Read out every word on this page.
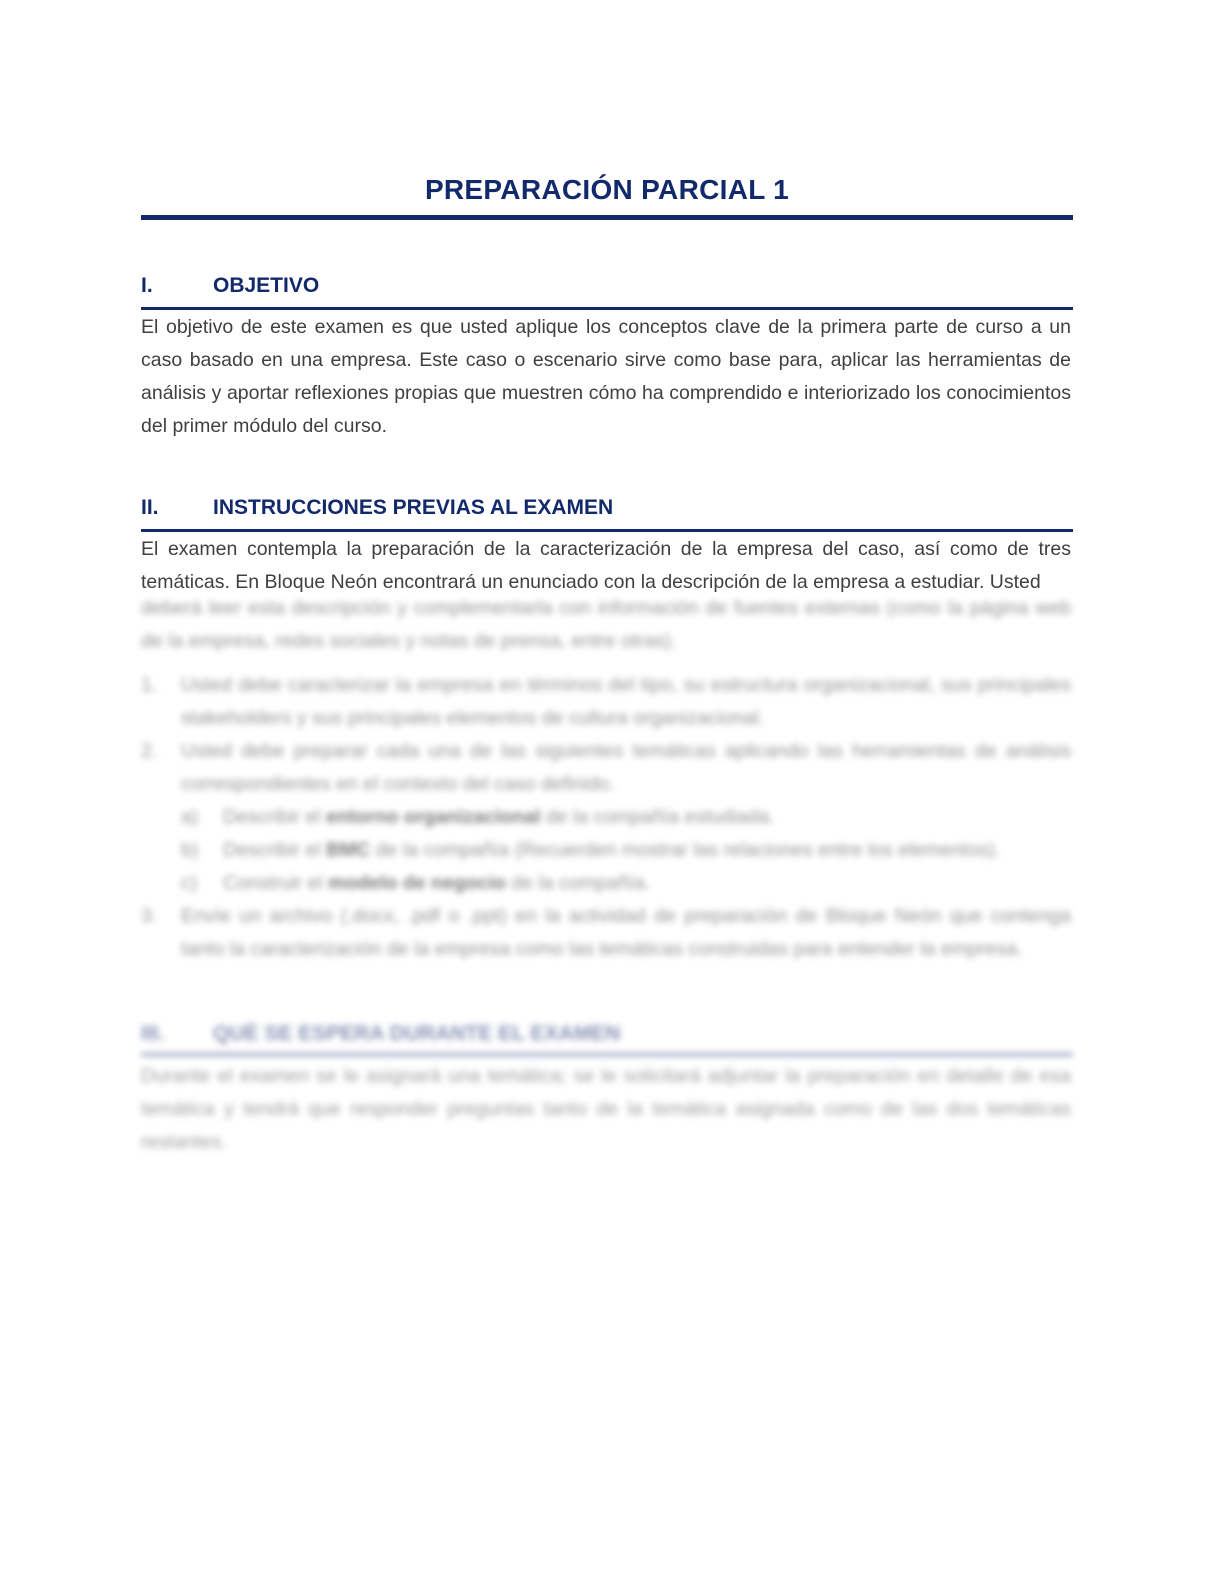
PREPARACIÓN PARCIAL 1
I.	OBJETIVO
El objetivo de este examen es que usted aplique los conceptos clave de la primera parte de curso a un caso basado en una empresa. Este caso o escenario sirve como base para, aplicar las herramientas de análisis y aportar reflexiones propias que muestren cómo ha comprendido e interiorizado los conocimientos del primer módulo del curso.
II.	INSTRUCCIONES PREVIAS AL EXAMEN
El examen contempla la preparación de la caracterización de la empresa del caso, así como de tres temáticas. En Bloque Neón encontrará un enunciado con la descripción de la empresa a estudiar. Usted
deberá leer esta descripción y complementarla con información de fuentes externas (como la página web de la empresa, redes sociales y notas de prensa, entre otras).
1. Usted debe caracterizar la empresa en términos del tipo, su estructura organizacional, sus principales stakeholders y sus principales elementos de cultura organizacional.
2. Usted debe preparar cada una de las siguientes temáticas aplicando las herramientas de análisis correspondientes en el contexto del caso definido.
a) Describir el entorno organizacional de la compañía estudiada.
b) Describir el BMC de la compañía (Recuerden mostrar las relaciones entre los elementos).
c) Construir el modelo de negocio de la compañía.
3. Envíe un archivo (.docx, .pdf o .ppt) en la actividad de preparación de Bloque Neón que contenga tanto la caracterización de la empresa como las temáticas construidas para entender la empresa.
III. QUÉ SE ESPERA DURANTE EL EXAMEN
Durante el examen se le asignará una temática; se le solicitará adjuntar la preparación en detalle de esa temática y tendrá que responder preguntas tanto de la temática asignada como de las dos temáticas restantes.
